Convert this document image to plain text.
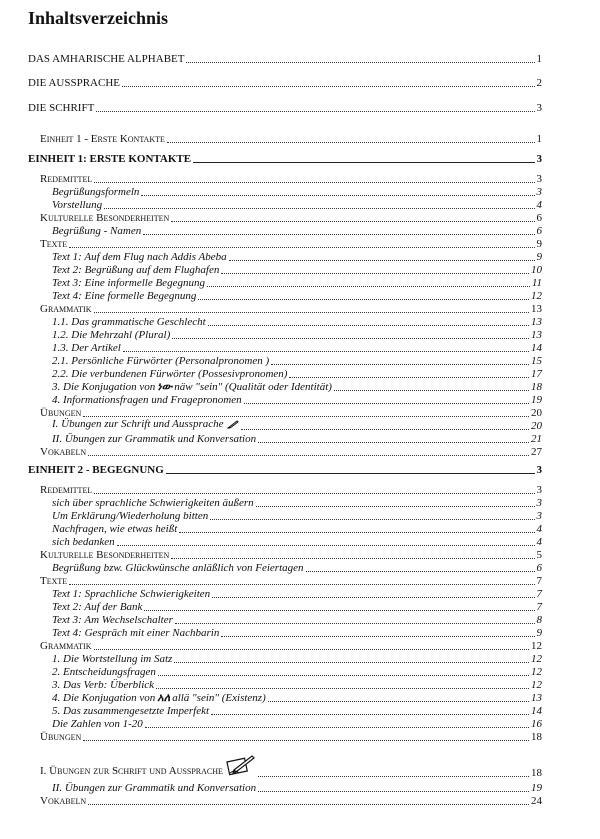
Inhaltsverzeichnis
DAS AMHARISCHE ALPHABET	1
DIE AUSSPRACHE	2
DIE SCHRIFT	3
Einheit 1 - Erste Kontakte	1
EINHEIT 1: ERSTE KONTAKTE	3
Redemittel	3
Begrüßungsformeln	3
Vorstellung	4
Kulturelle Besonderheiten	6
Begrüßung - Namen	6
Texte	9
Text 1: Auf dem Flug nach Addis Abeba	9
Text 2: Begrüßung auf dem Flughafen	10
Text 3: Eine informelle Begegnung	11
Text 4: Eine formelle Begegnung	12
Grammatik	13
1.1. Das grammatische Geschlecht	13
1.2. Die Mehrzahl (Plural)	13
1.3. Der Artikel	14
2.1. Persönliche Fürwörter (Personalpronomen )	15
2.2. Die verbundenen Fürwörter (Possesivpronomen)	17
3. Die Konjugation von ነው näw "sein" (Qualität oder Identität)	18
4. Informationsfragen und Fragepronomen	19
Übungen	20
I. Übungen zur Schrift und Aussprache	20
II. Übungen zur Grammatik und Konversation	21
Vokabeln	27
EINHEIT 2 - BEGEGNUNG	3
Redemittel	3
sich über sprachliche Schwierigkeiten äußern	3
Um Erklärung/Wiederholung bitten	3
Nachfragen, wie etwas heißt	4
sich bedanken	4
Kulturelle Besonderheiten	5
Begrüßung bzw. Glückwünsche anläßlich von Feiertagen	6
Texte	7
Text 1: Sprachliche Schwierigkeiten	7
Text 2: Auf der Bank	7
Text 3: Am Wechselschalter	8
Text 4: Gespräch mit einer Nachbarin	9
Grammatik	12
1. Die Wortstellung im Satz	12
2. Entscheidungsfragen	12
3. Das Verb: Überblick	12
4. Die Konjugation von አለ allä "sein" (Existenz)	13
5. Das zusammengesetzte Imperfekt	14
Die Zahlen von 1-20	16
Übungen	18
I. Übungen zur Schrift und Aussprache	18
II. Übungen zur Grammatik und Konversation	19
Vokabeln	24
